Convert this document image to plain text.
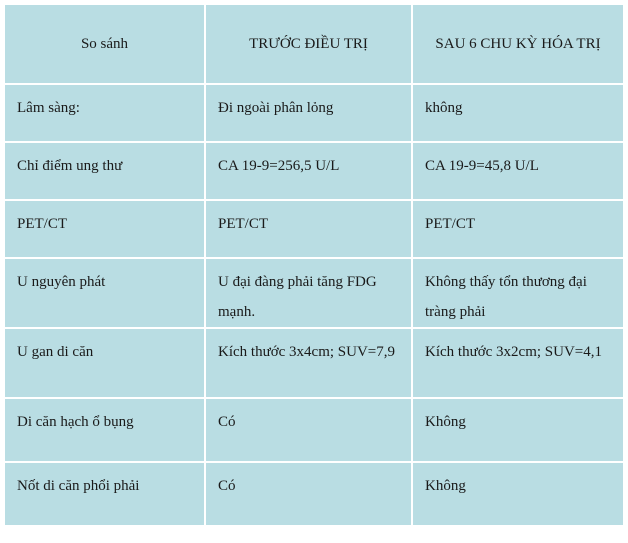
So sánh	TRƯỚC ĐIỀU TRỊ	SAU 6 CHU KỲ HÓA TRỊ
Lâm sàng:	Đi ngoài phân lỏng	không
Chỉ điểm ung thư	CA 19-9=256,5 U/L	CA 19-9=45,8 U/L
PET/CT	PET/CT	PET/CT
U nguyên phát	U đại đàng phải tăng FDG mạnh.	Không thấy tổn thương đại tràng phải
U gan di căn	Kích thước 3x4cm; SUV=7,9	Kích thước 3x2cm; SUV=4,1
Di căn hạch ổ bụng	Có	Không
Nốt di căn phổi phải	Có	Không
